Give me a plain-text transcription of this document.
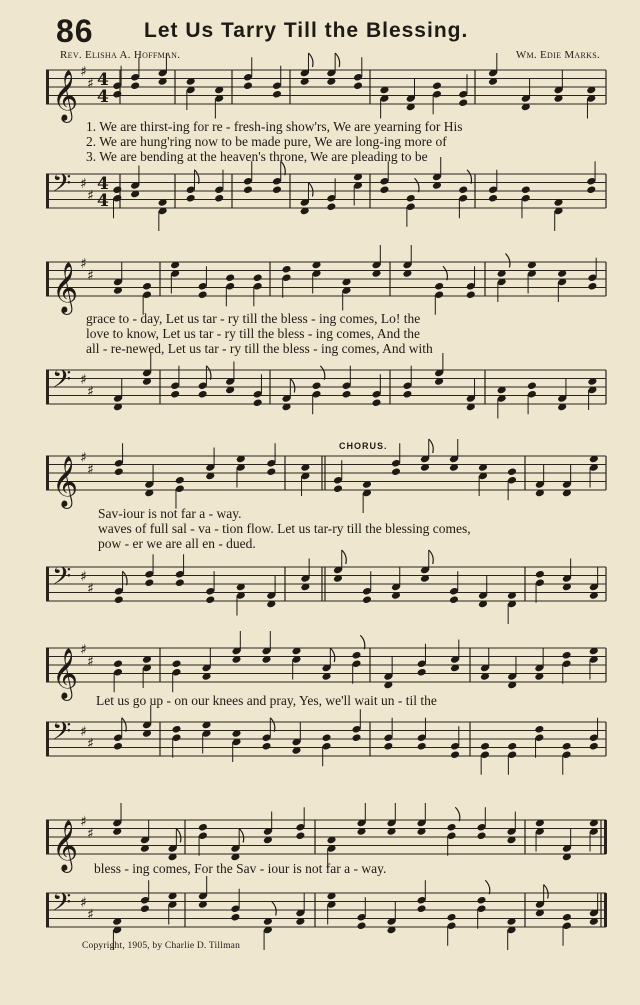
86 Let Us Tarry Till the Blessing.
Rev. Elisha A. Hoffman.	Wm. Edie Marks.
𝄞 ♯
♯ 4
4
1. We are thirst-ing for re - fresh-ing show'rs, We are yearning for His
2. We are hung'ring now to be made pure, We are long-ing more of
3. We are bending at the heaven's throne, We are pleading to be
𝄢 ♯
♯
4
4
𝄞 ♯
♯
grace to - day, Let us tar - ry till the bless - ing comes, Lo! the
love to know, Let us tar - ry till the bless - ing comes, And the
all - re-newed, Let us tar - ry till the bless - ing comes, And with
𝄢 ♯
♯
CHORUS.
𝄞 ♯
♯
Sav-iour is not far a - way.
waves of full sal - va - tion flow. Let us tar-ry till the blessing comes,
pow - er we are all en - dued.
𝄢 ♯
♯
𝄞 ♯
♯
Let us go up - on our knees and pray, Yes, we'll wait un - til the
𝄢 ♯
♯
𝄞 ♯
♯
bless - ing comes, For the Sav - iour is not far a - way.
𝄢 ♯
♯
Copyright, 1905, by Charlie D. Tillman
